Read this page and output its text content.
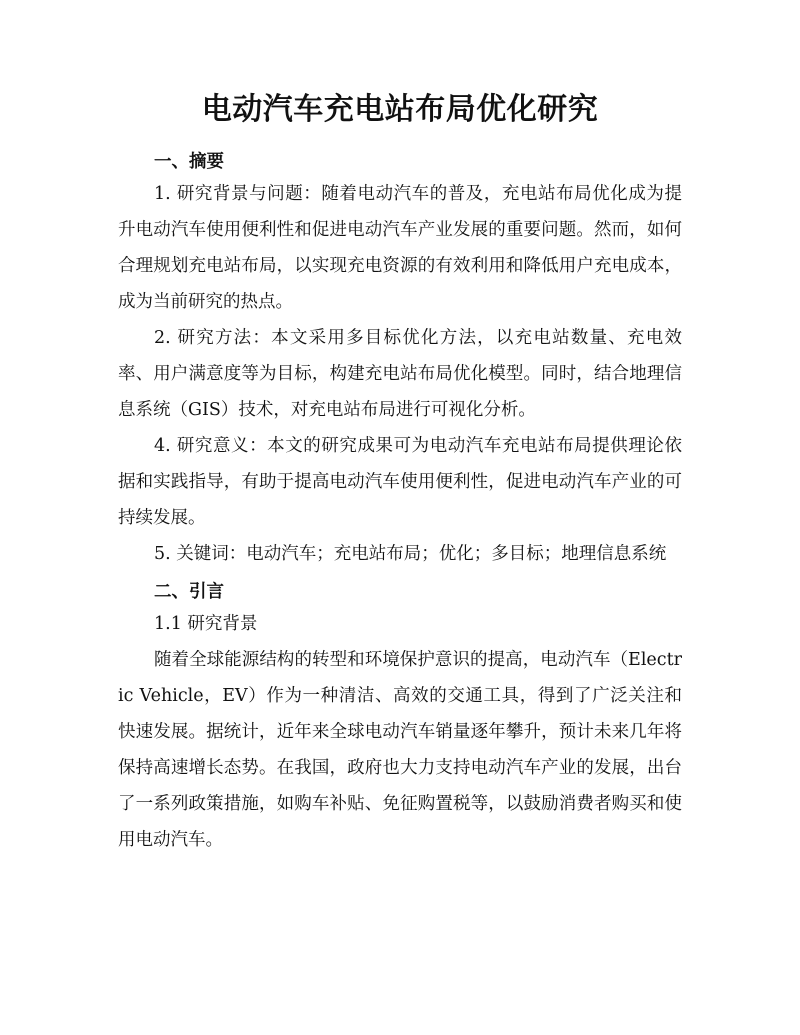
电动汽车充电站布局优化研究
一、摘要

1. 研究背景与问题：随着电动汽车的普及，充电站布局优化成为提升电动汽车使用便利性和促进电动汽车产业发展的重要问题。然而，如何合理规划充电站布局，以实现充电资源的有效利用和降低用户充电成本，成为当前研究的热点。

2. 研究方法：本文采用多目标优化方法，以充电站数量、充电效率、用户满意度等为目标，构建充电站布局优化模型。同时，结合地理信息系统（GIS）技术，对充电站布局进行可视化分析。

4. 研究意义：本文的研究成果可为电动汽车充电站布局提供理论依据和实践指导，有助于提高电动汽车使用便利性，促进电动汽车产业的可持续发展。

5. 关键词：电动汽车；充电站布局；优化；多目标；地理信息系统

二、引言

1.1 研究背景

随着全球能源结构的转型和环境保护意识的提高，电动汽车（Electric Vehicle，EV）作为一种清洁、高效的交通工具，得到了广泛关注和快速发展。据统计，近年来全球电动汽车销量逐年攀升，预计未来几年将保持高速增长态势。在我国，政府也大力支持电动汽车产业的发展，出台了一系列政策措施，如购车补贴、免征购置税等，以鼓励消费者购买和使用电动汽车。
